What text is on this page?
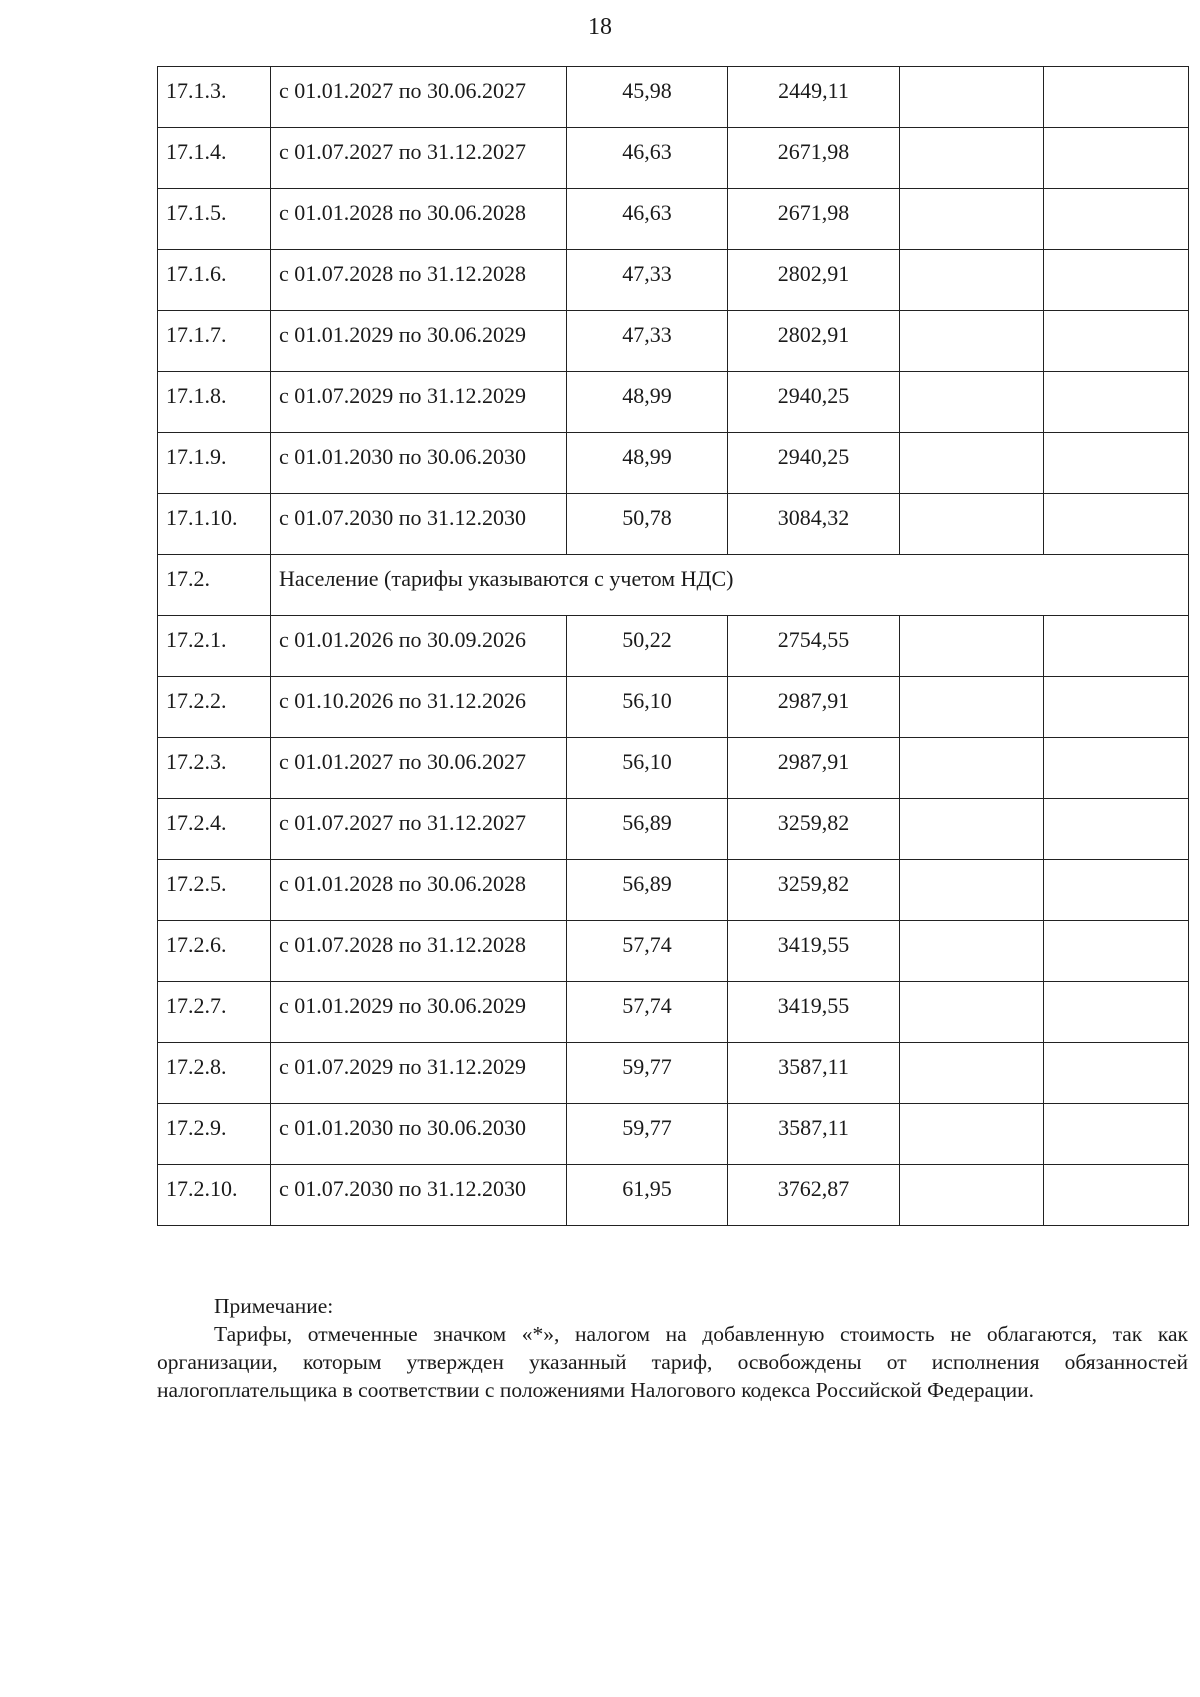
18
17.1.3.	с 01.01.2027 по 30.06.2027	45,98	2449,11		
17.1.4.	с 01.07.2027 по 31.12.2027	46,63	2671,98		
17.1.5.	с 01.01.2028 по 30.06.2028	46,63	2671,98		
17.1.6.	с 01.07.2028 по 31.12.2028	47,33	2802,91		
17.1.7.	с 01.01.2029 по 30.06.2029	47,33	2802,91		
17.1.8.	с 01.07.2029 по 31.12.2029	48,99	2940,25		
17.1.9.	с 01.01.2030 по 30.06.2030	48,99	2940,25		
17.1.10.	с 01.07.2030 по 31.12.2030	50,78	3084,32		
17.2.	Население (тарифы указываются с учетом НДС)				
17.2.1.	с 01.01.2026 по 30.09.2026	50,22	2754,55		
17.2.2.	с 01.10.2026 по 31.12.2026	56,10	2987,91		
17.2.3.	с 01.01.2027 по 30.06.2027	56,10	2987,91		
17.2.4.	с 01.07.2027 по 31.12.2027	56,89	3259,82		
17.2.5.	с 01.01.2028 по 30.06.2028	56,89	3259,82		
17.2.6.	с 01.07.2028 по 31.12.2028	57,74	3419,55		
17.2.7.	с 01.01.2029 по 30.06.2029	57,74	3419,55		
17.2.8.	с 01.07.2029 по 31.12.2029	59,77	3587,11		
17.2.9.	с 01.01.2030 по 30.06.2030	59,77	3587,11		
17.2.10.	с 01.07.2030 по 31.12.2030	61,95	3762,87		
Примечание:

Тарифы, отмеченные значком «*», налогом на добавленную стоимость не облагаются, так как организации, которым утвержден указанный тариф, освобождены от исполнения обязанностей налогоплательщика в соответствии с положениями Налогового кодекса Российской Федерации.
